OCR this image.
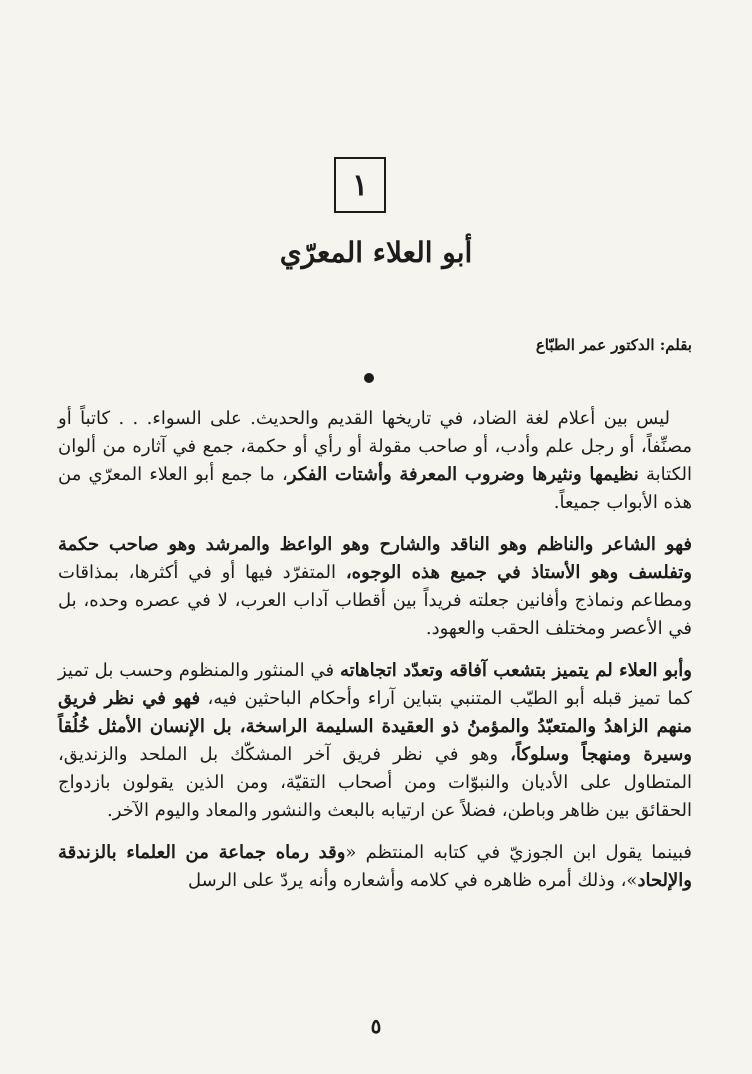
١
أبو العلاء المعرّي
بقلم: الدكتور عمر الطبّاع

ليس بين أعلام لغة الضاد، في تاريخها القديم والحديث. على السواء. . . كاتباً أو مصنِّفاً، أو رجل علم وأدب، أو صاحب مقولة أو رأي أو حكمة، جمع في آثاره من ألوان الكتابة نظيمها ونثيرها وضروب المعرفة وأشتات الفكر، ما جمع أبو العلاء المعرّي من هذه الأبواب جميعاً.

فهو الشاعر والناظم وهو الناقد والشارح وهو الواعظ والمرشد وهو صاحب حكمة وتفلسف وهو الأستاذ في جميع هذه الوجوه، المتفرّد فيها أو في أكثرها، بمذاقات ومطاعم ونماذج وأفانين جعلته فريداً بين أقطاب آداب العرب، لا في عصره وحده، بل في الأعصر ومختلف الحقب والعهود.

وأبو العلاء لم يتميز بتشعب آفاقه وتعدّد اتجاهاته في المنثور والمنظوم وحسب بل تميز كما تميز قبله أبو الطيّب المتنبي بتباين آراء وأحكام الباحثين فيه، فهو في نظر فريق منهم الزاهدُ والمتعبّدُ والمؤمنُ ذو العقيدة السليمة الراسخة، بل الإنسان الأمثل خُلُقاً وسيرة ومنهجاً وسلوكاً، وهو في نظر فريق آخر المشكّك بل الملحد والزنديق، المتطاول على الأديان والنبوّات ومن أصحاب التقيّة، ومن الذين يقولون بازدواج الحقائق بين ظاهر وباطن، فضلاً عن ارتيابه بالبعث والنشور والمعاد واليوم الآخر.

فبينما يقول ابن الجوزيّ في كتابه المنتظم «وقد رماه جماعة من العلماء بالزندقة والإلحاد»، وذلك أمره ظاهره في كلامه وأشعاره وأنه يردّ على الرسل

٥
